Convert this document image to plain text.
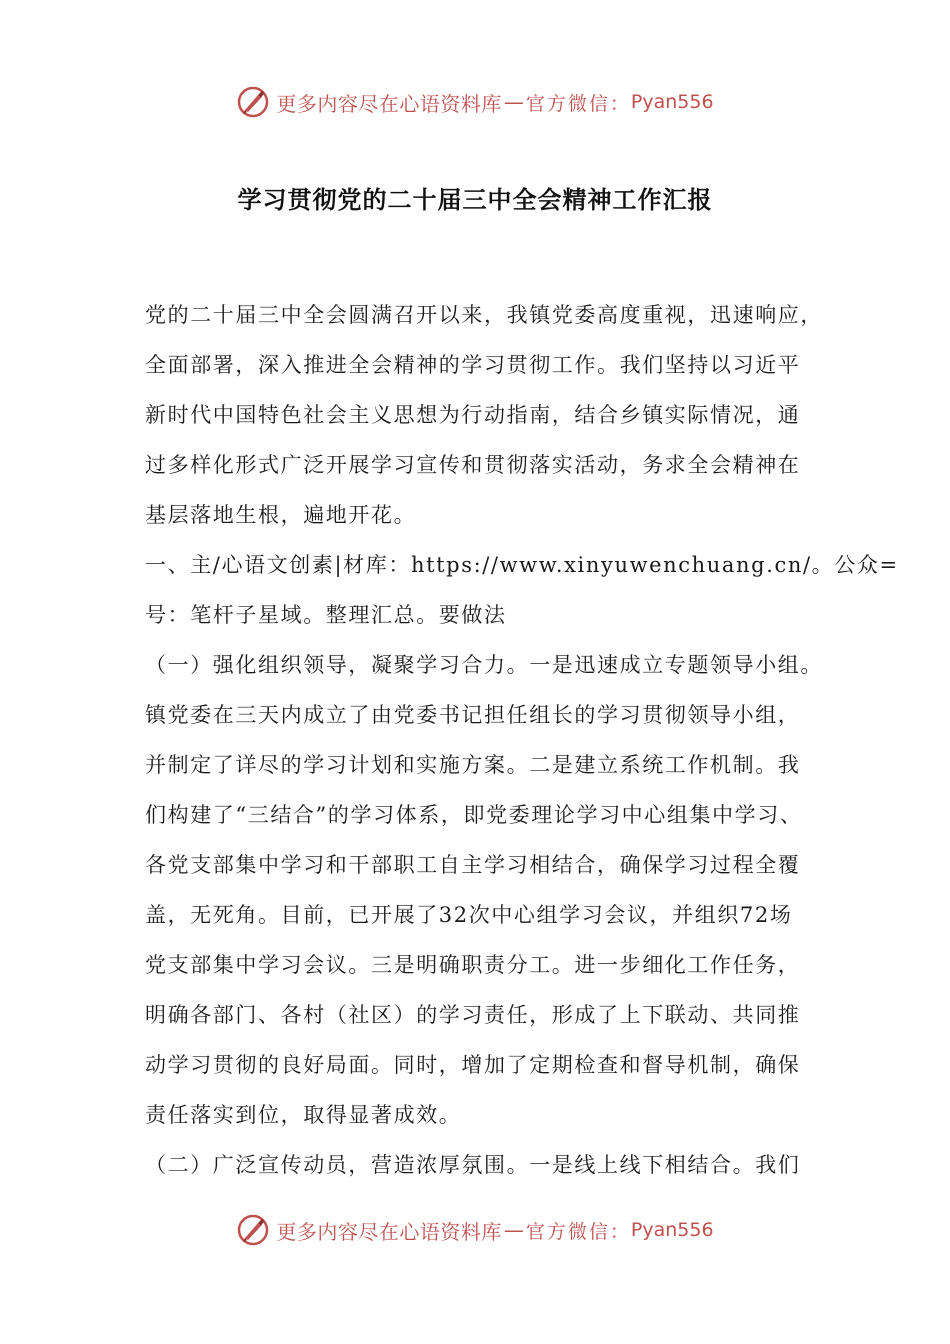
更多内容尽在心语资料库 — 官方微信： Pyan556
学习贯彻党的二十届三中全会精神工作汇报
党的二十届三中全会圆满召开以来，我镇党委高度重视，迅速响应，
全面部署，深入推进全会精神的学习贯彻工作。我们坚持以习近平
新时代中国特色社会主义思想为行动指南，结合乡镇实际情况，通
过多样化形式广泛开展学习宣传和贯彻落实活动，务求全会精神在
基层落地生根，遍地开花。
一、主/心语文创素|材库：https://www.xinyuwenchuang.cn/。公众=
号：笔杆子星域。整理汇总。要做法
（一）强化组织领导，凝聚学习合力。一是迅速成立专题领导小组。
镇党委在三天内成立了由党委书记担任组长的学习贯彻领导小组，
并制定了详尽的学习计划和实施方案。二是建立系统工作机制。我
们构建了“三结合”的学习体系，即党委理论学习中心组集中学习、
各党支部集中学习和干部职工自主学习相结合，确保学习过程全覆
盖，无死角。目前，已开展了32次中心组学习会议，并组织72场
党支部集中学习会议。三是明确职责分工。进一步细化工作任务，
明确各部门、各村（社区）的学习责任，形成了上下联动、共同推
动学习贯彻的良好局面。同时，增加了定期检查和督导机制，确保
责任落实到位，取得显著成效。
（二）广泛宣传动员，营造浓厚氛围。一是线上线下相结合。我们
更多内容尽在心语资料库 — 官方微信： Pyan556
